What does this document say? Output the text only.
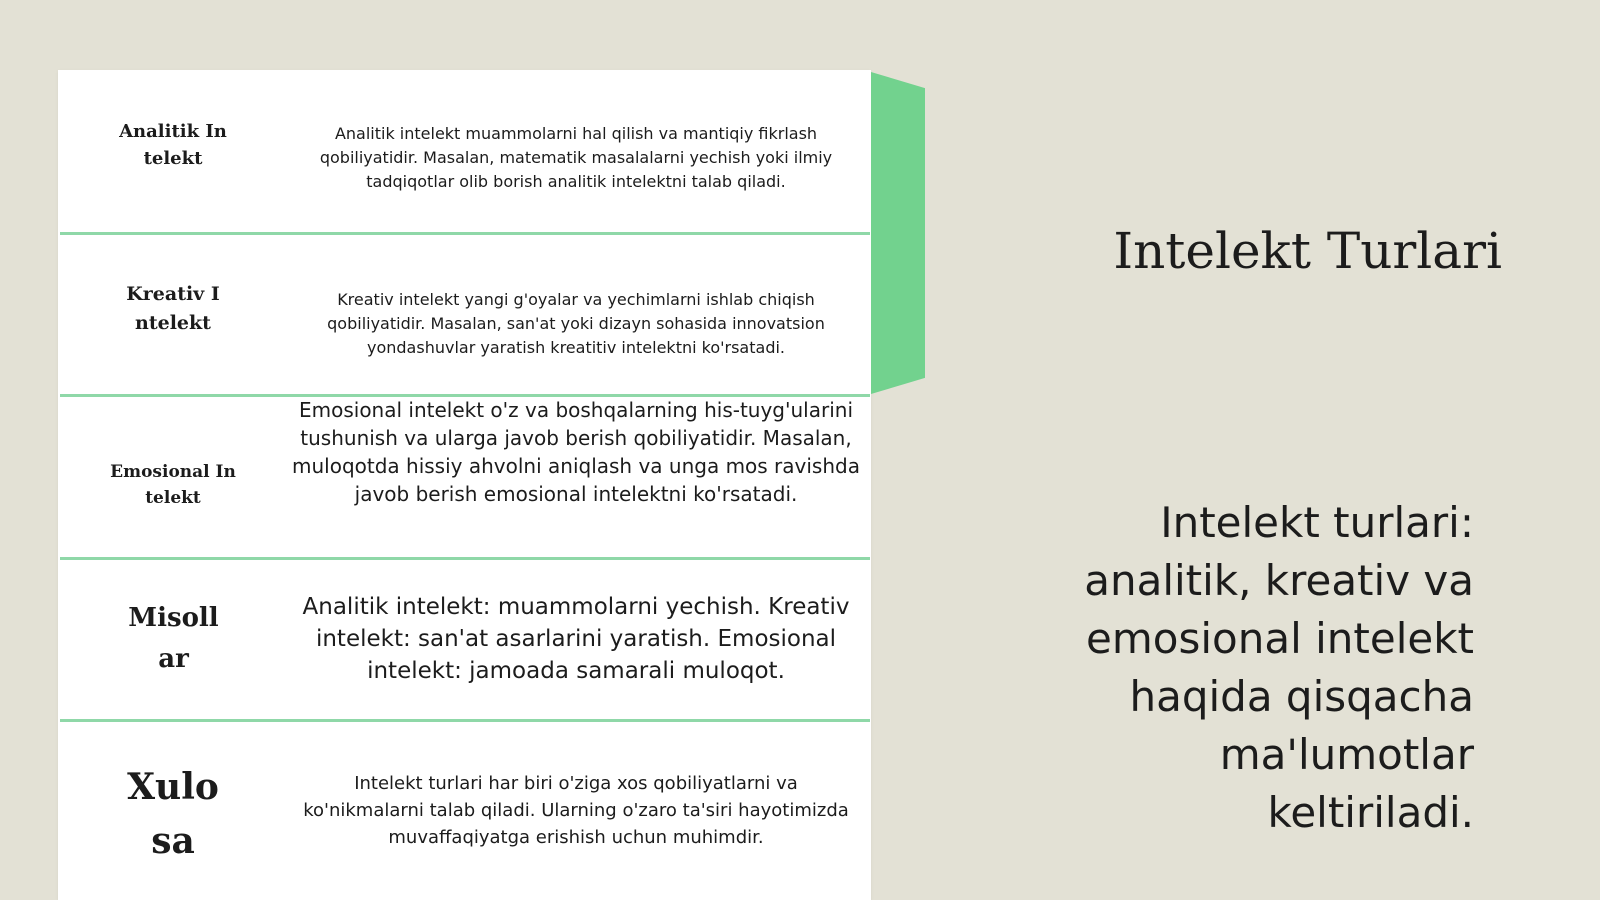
Analitik Intelekt
Analitik intelekt muammolarni hal qilish va mantiqiy fikrlash qobiliyatidir. Masalan, matematik masalalarni yechish yoki ilmiy tadqiqotlar olib borish analitik intelektni talab qiladi.
Kreativ Intelekt
Kreativ intelekt yangi g'oyalar va yechimlarni ishlab chiqish qobiliyatidir. Masalan, san'at yoki dizayn sohasida innovatsion yondashuvlar yaratish kreatitiv intelektni ko'rsatadi.
Emosional Intelekt
Emosional intelekt o'z va boshqalarning his-tuyg'ularini tushunish va ularga javob berish qobiliyatidir. Masalan, muloqotda hissiy ahvolni aniqlash va unga mos ravishda javob berish emosional intelektni ko'rsatadi.
Misollar
Analitik intelekt: muammolarni yechish. Kreativ intelekt: san'at asarlarini yaratish. Emosional intelekt: jamoada samarali muloqot.
Xulosa
Intelekt turlari har biri o'ziga xos qobiliyatlarni va ko'nikmalarni talab qiladi. Ularning o'zaro ta'siri hayotimizda muvaffaqiyatga erishish uchun muhimdir.
Intelekt Turlari
Intelekt turlari: analitik, kreativ va emosional intelekt haqida qisqacha ma'lumotlar keltiriladi.
